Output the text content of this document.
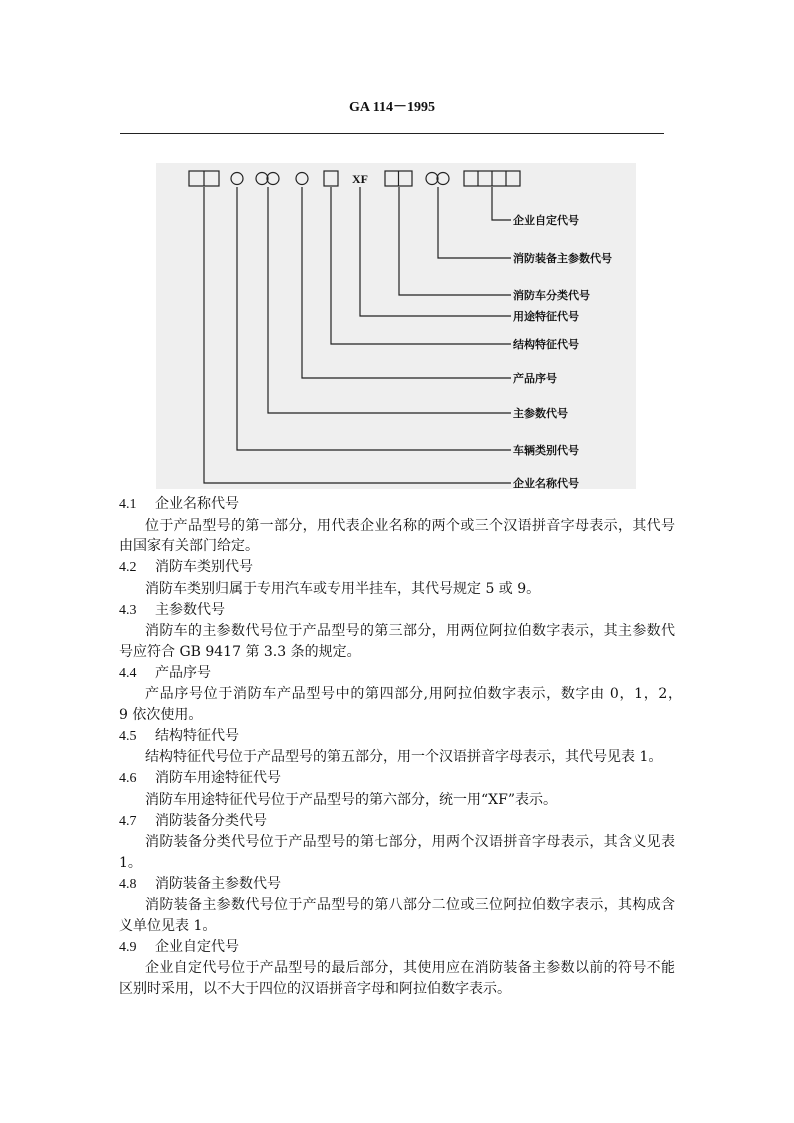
GA 114－1995
XF
企业自定代号
消防装备主参数代号
消防车分类代号
用途特征代号
结构特征代号
产品序号
主参数代号
车辆类别代号
企业名称代号
4.1 企业名称代号

位于产品型号的第一部分，用代表企业名称的两个或三个汉语拼音字母表示，其代号由国家有关部门给定。

4.2 消防车类别代号

消防车类别归属于专用汽车或专用半挂车，其代号规定 5 或 9。

4.3 主参数代号

消防车的主参数代号位于产品型号的第三部分，用两位阿拉伯数字表示，其主参数代号应符合 GB 9417 第 3.3 条的规定。

4.4 产品序号

产品序号位于消防车产品型号中的第四部分,用阿拉伯数字表示，数字由 0，1，2，　　9 依次使用。

4.5 结构特征代号

结构特征代号位于产品型号的第五部分，用一个汉语拼音字母表示，其代号见表 1。

4.6 消防车用途特征代号

消防车用途特征代号位于产品型号的第六部分，统一用“XF”表示。

4.7 消防装备分类代号

消防装备分类代号位于产品型号的第七部分，用两个汉语拼音字母表示，其含义见表 1。

4.8 消防装备主参数代号

消防装备主参数代号位于产品型号的第八部分二位或三位阿拉伯数字表示，其构成含义单位见表 1。

4.9 企业自定代号

企业自定代号位于产品型号的最后部分，其使用应在消防装备主参数以前的符号不能区别时采用，以不大于四位的汉语拼音字母和阿拉伯数字表示。
